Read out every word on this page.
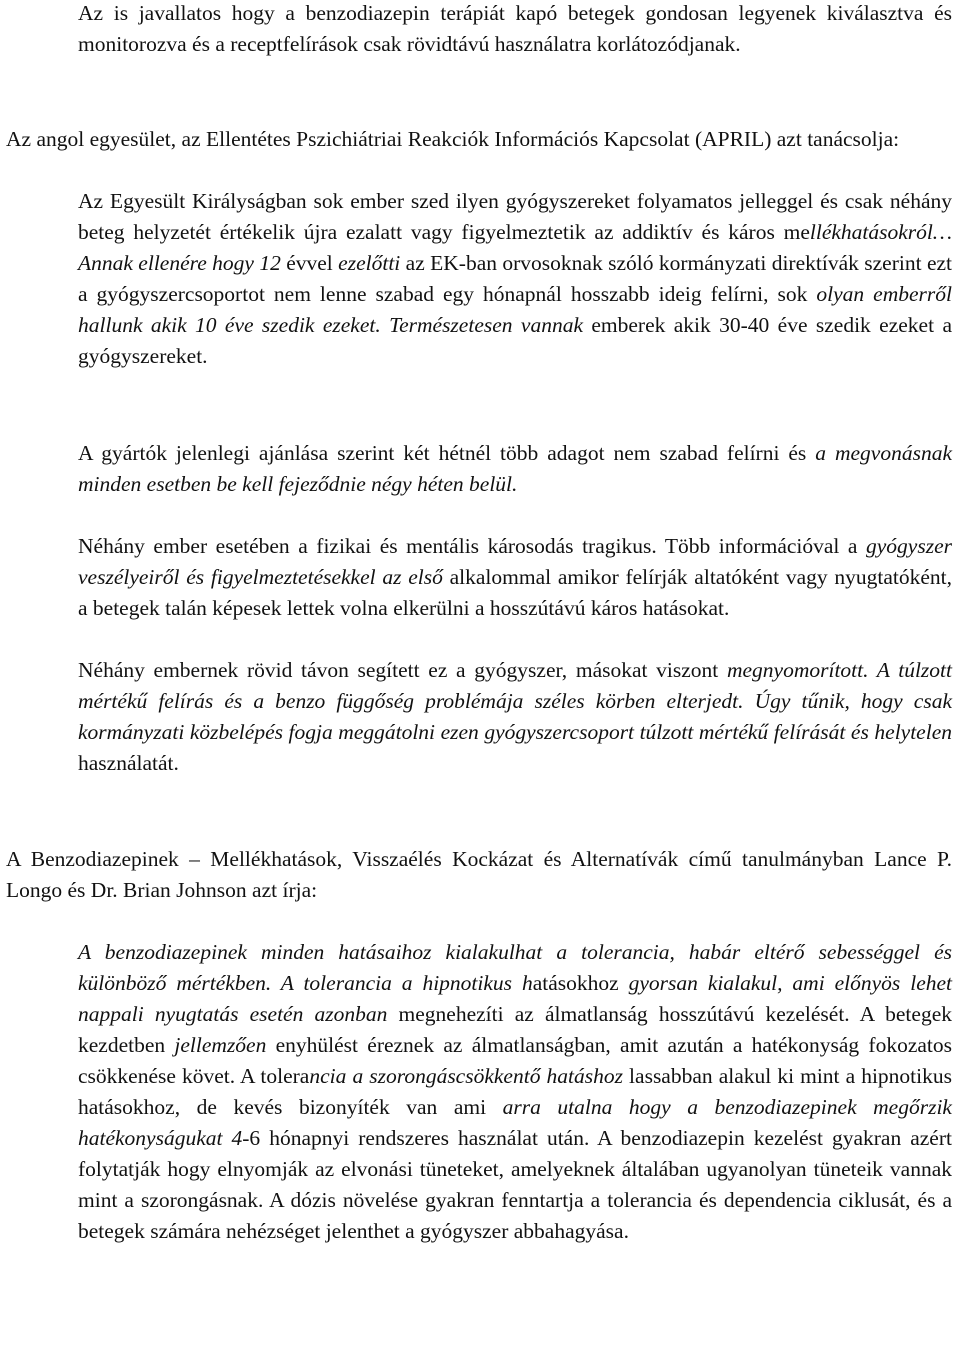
Az is javallatos hogy a benzodiazepin terápiát kapó betegek gondosan legyenek kiválasztva és monitorozva és a receptfelírások csak rövidtávú használatra korlátozódjanak.

Az angol egyesület, az Ellentétes Pszichiátriai Reakciók Információs Kapcsolat (APRIL) azt tanácsolja:

Az Egyesült Királyságban sok ember szed ilyen gyógyszereket folyamatos jelleggel és csak néhány beteg helyzetét értékelik újra ezalatt vagy figyelmeztetik az addiktív és káros mellékhatásokról… Annak ellenére hogy 12 évvel ezelőtti az EK-ban orvosoknak szóló kormányzati direktívák szerint ezt a gyógyszercsoportot nem lenne szabad egy hónapnál hosszabb ideig felírni, sok olyan emberről hallunk akik 10 éve szedik ezeket. Természetesen vannak emberek akik 30-40 éve szedik ezeket a gyógyszereket.

A gyártók jelenlegi ajánlása szerint két hétnél több adagot nem szabad felírni és a megvonásnak minden esetben be kell fejeződnie négy héten belül.

Néhány ember esetében a fizikai és mentális károsodás tragikus. Több információval a gyógyszer veszélyeiről és figyelmeztetésekkel az első alkalommal amikor felírják altatóként vagy nyugtatóként, a betegek talán képesek lettek volna elkerülni a hosszútávú káros hatásokat.

Néhány embernek rövid távon segített ez a gyógyszer, másokat viszont megnyomorított. A túlzott mértékű felírás és a benzo függőség problémája széles körben elterjedt. Úgy tűnik, hogy csak kormányzati közbelépés fogja meggátolni ezen gyógyszercsoport túlzott mértékű felírását és helytelen használatát.

A Benzodiazepinek – Mellékhatások, Visszaélés Kockázat és Alternatívák című tanulmányban Lance P. Longo és Dr. Brian Johnson azt írja:

A benzodiazepinek minden hatásaihoz kialakulhat a tolerancia, habár eltérő sebességgel és különböző mértékben. A tolerancia a hipnotikus hatásokhoz gyorsan kialakul, ami előnyös lehet nappali nyugtatás esetén azonban megnehezíti az álmatlanság hosszútávú kezelését. A betegek kezdetben jellemzően enyhülést éreznek az álmatlanságban, amit azután a hatékonyság fokozatos csökkenése követ. A tolerancia a szorongáscsökkentő hatáshoz lassabban alakul ki mint a hipnotikus hatásokhoz, de kevés bizonyíték van ami arra utalna hogy a benzodiazepinek megőrzik hatékonyságukat 4-6 hónapnyi rendszeres használat után. A benzodiazepin kezelést gyakran azért folytatják hogy elnyomják az elvonási tüneteket, amelyeknek általában ugyanolyan tüneteik vannak mint a szorongásnak. A dózis növelése gyakran fenntartja a tolerancia és dependencia ciklusát, és a betegek számára nehézséget jelenthet a gyógyszer abbahagyása.
